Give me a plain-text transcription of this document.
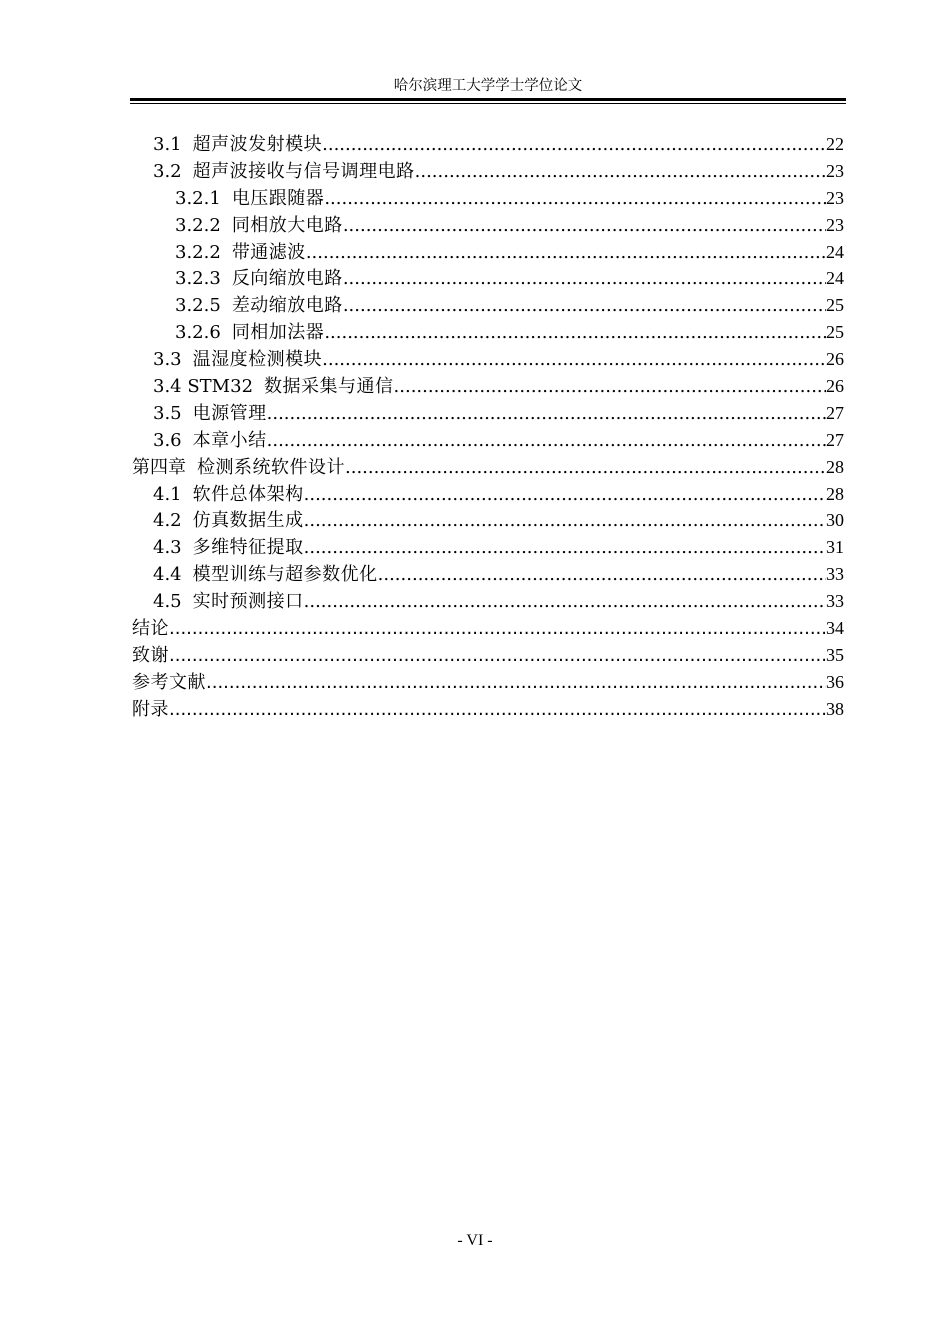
哈尔滨理工大学学士学位论文
3.1 超声波发射模块 .....	22
3.2 超声波接收与信号调理电路 .....	23
3.2.1 电压跟随器 .....	23
3.2.2 同相放大电路 .....	23
3.2.2 带通滤波 .....	24
3.2.3 反向缩放电路 .....	24
3.2.5 差动缩放电路 .....	25
3.2.6 同相加法器 .....	25
3.3 温湿度检测模块 .....	26
3.4 STM32 数据采集与通信 .....	26
3.5 电源管理 .....	27
3.6 本章小结 .....	27
第四章 检测系统软件设计 .....	28
4.1 软件总体架构 .....	28
4.2 仿真数据生成 .....	30
4.3 多维特征提取 .....	31
4.4 模型训练与超参数优化 .....	33
4.5 实时预测接口 .....	33
结论 .....	34
致谢 .....	35
参考文献 .....	36
附录 .....	38
- VI -
